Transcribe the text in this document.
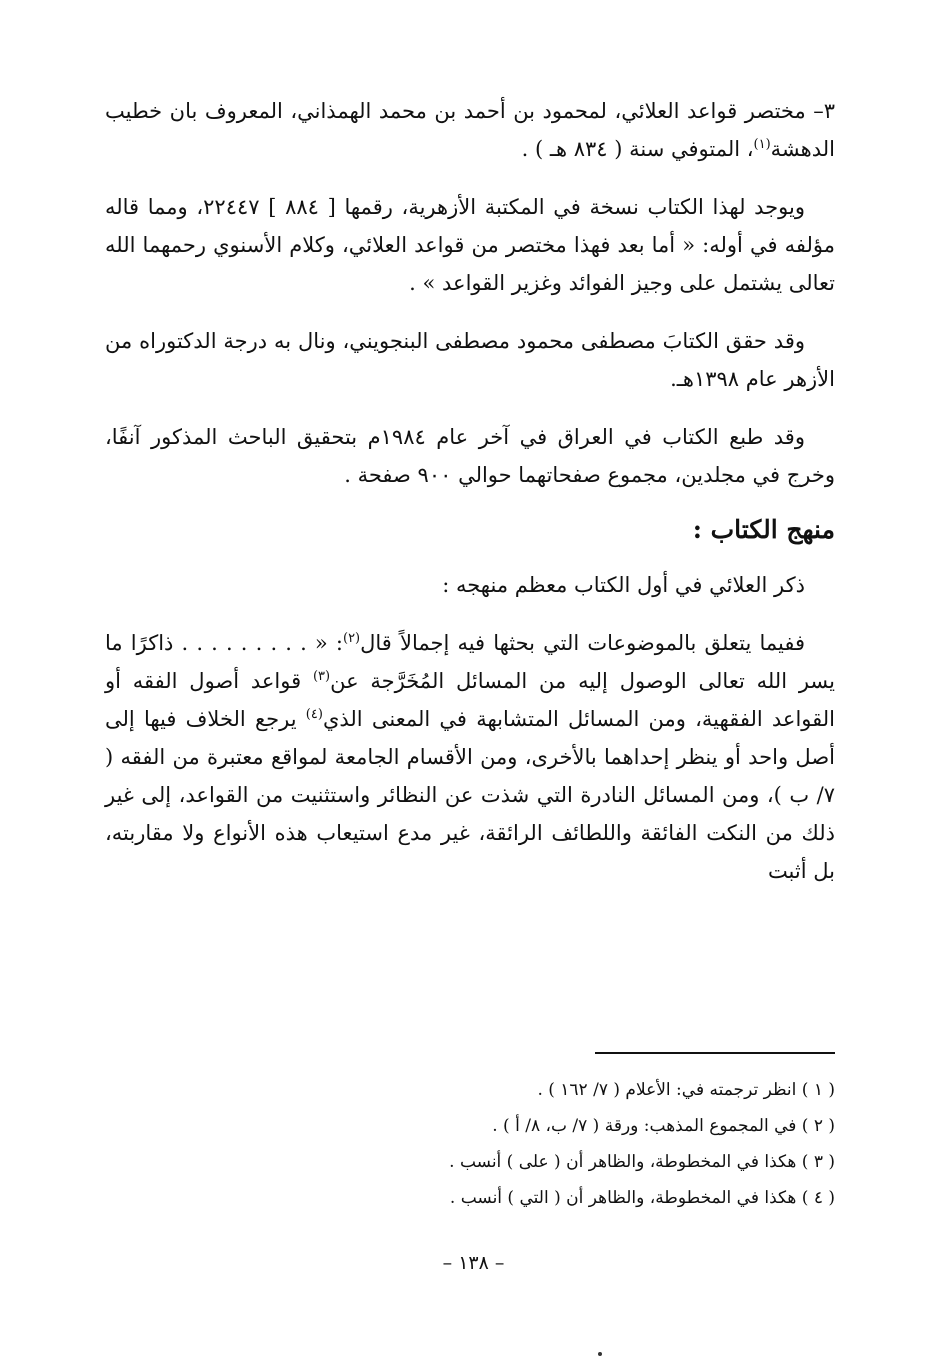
٣– مختصر قواعد العلائي، لمحمود بن أحمد بن محمد الهمذاني، المعروف بان خطيب الدهشة$^{(١)}$، المتوفي سنة ( ٨٣٤ هـ ) .

ويوجد لهذا الكتاب نسخة في المكتبة الأزهرية، رقمها [ ٨٨٤ ] ٢٢٤٤٧، ومما قاله مؤلفه في أوله: « أما بعد فهذا مختصر من قواعد العلائي، وكلام الأسنوي رحمهما الله تعالى يشتمل على وجيز الفوائد وغزير القواعد » .

وقد حقق الكتابَ مصطفى محمود مصطفى البنجويني، ونال به درجة الدكتوراه من الأزهر عام ١٣٩٨هـ.

وقد طبع الكتاب في العراق في آخر عام ١٩٨٤م بتحقيق الباحث المذكور آنفًا، وخرج في مجلدين، مجموع صفحاتهما حوالي ٩٠٠ صفحة .

منهج الكتاب :

ذكر العلائي في أول الكتاب معظم منهجه :

ففيما يتعلق بالموضوعات التي بحثها فيه إجمالاً قال$^{(٢)}$: « . . . . . . . . . ذاكرًا ما يسر الله تعالى الوصول إليه من المسائل المُخَرَّجة عن$^{(٣)}$ قواعد أصول الفقه أو القواعد الفقهية، ومن المسائل المتشابهة في المعنى الذي$^{(٤)}$ يرجع الخلاف فيها إلى أصل واحد أو ينظر إحداهما بالأخرى، ومن الأقسام الجامعة لمواقع معتبرة من الفقه ( ٧/ ب )، ومن المسائل النادرة التي شذت عن النظائر واستثنيت من القواعد، إلى غير ذلك من النكت الفائقة واللطائف الرائقة، غير مدع استيعاب هذه الأنواع ولا مقاربته، بل أثبت

( ١ ) انظر ترجمته في: الأعلام ( ٧/ ١٦٢ ) .

( ٢ ) في المجموع المذهب: ورقة ( ٧/ ب، ٨/ أ ) .

( ٣ ) هكذا في المخطوطة، والظاهر أن ( على ) أنسب .

( ٤ ) هكذا في المخطوطة، والظاهر أن ( التي ) أنسب .

– ١٣٨ –
